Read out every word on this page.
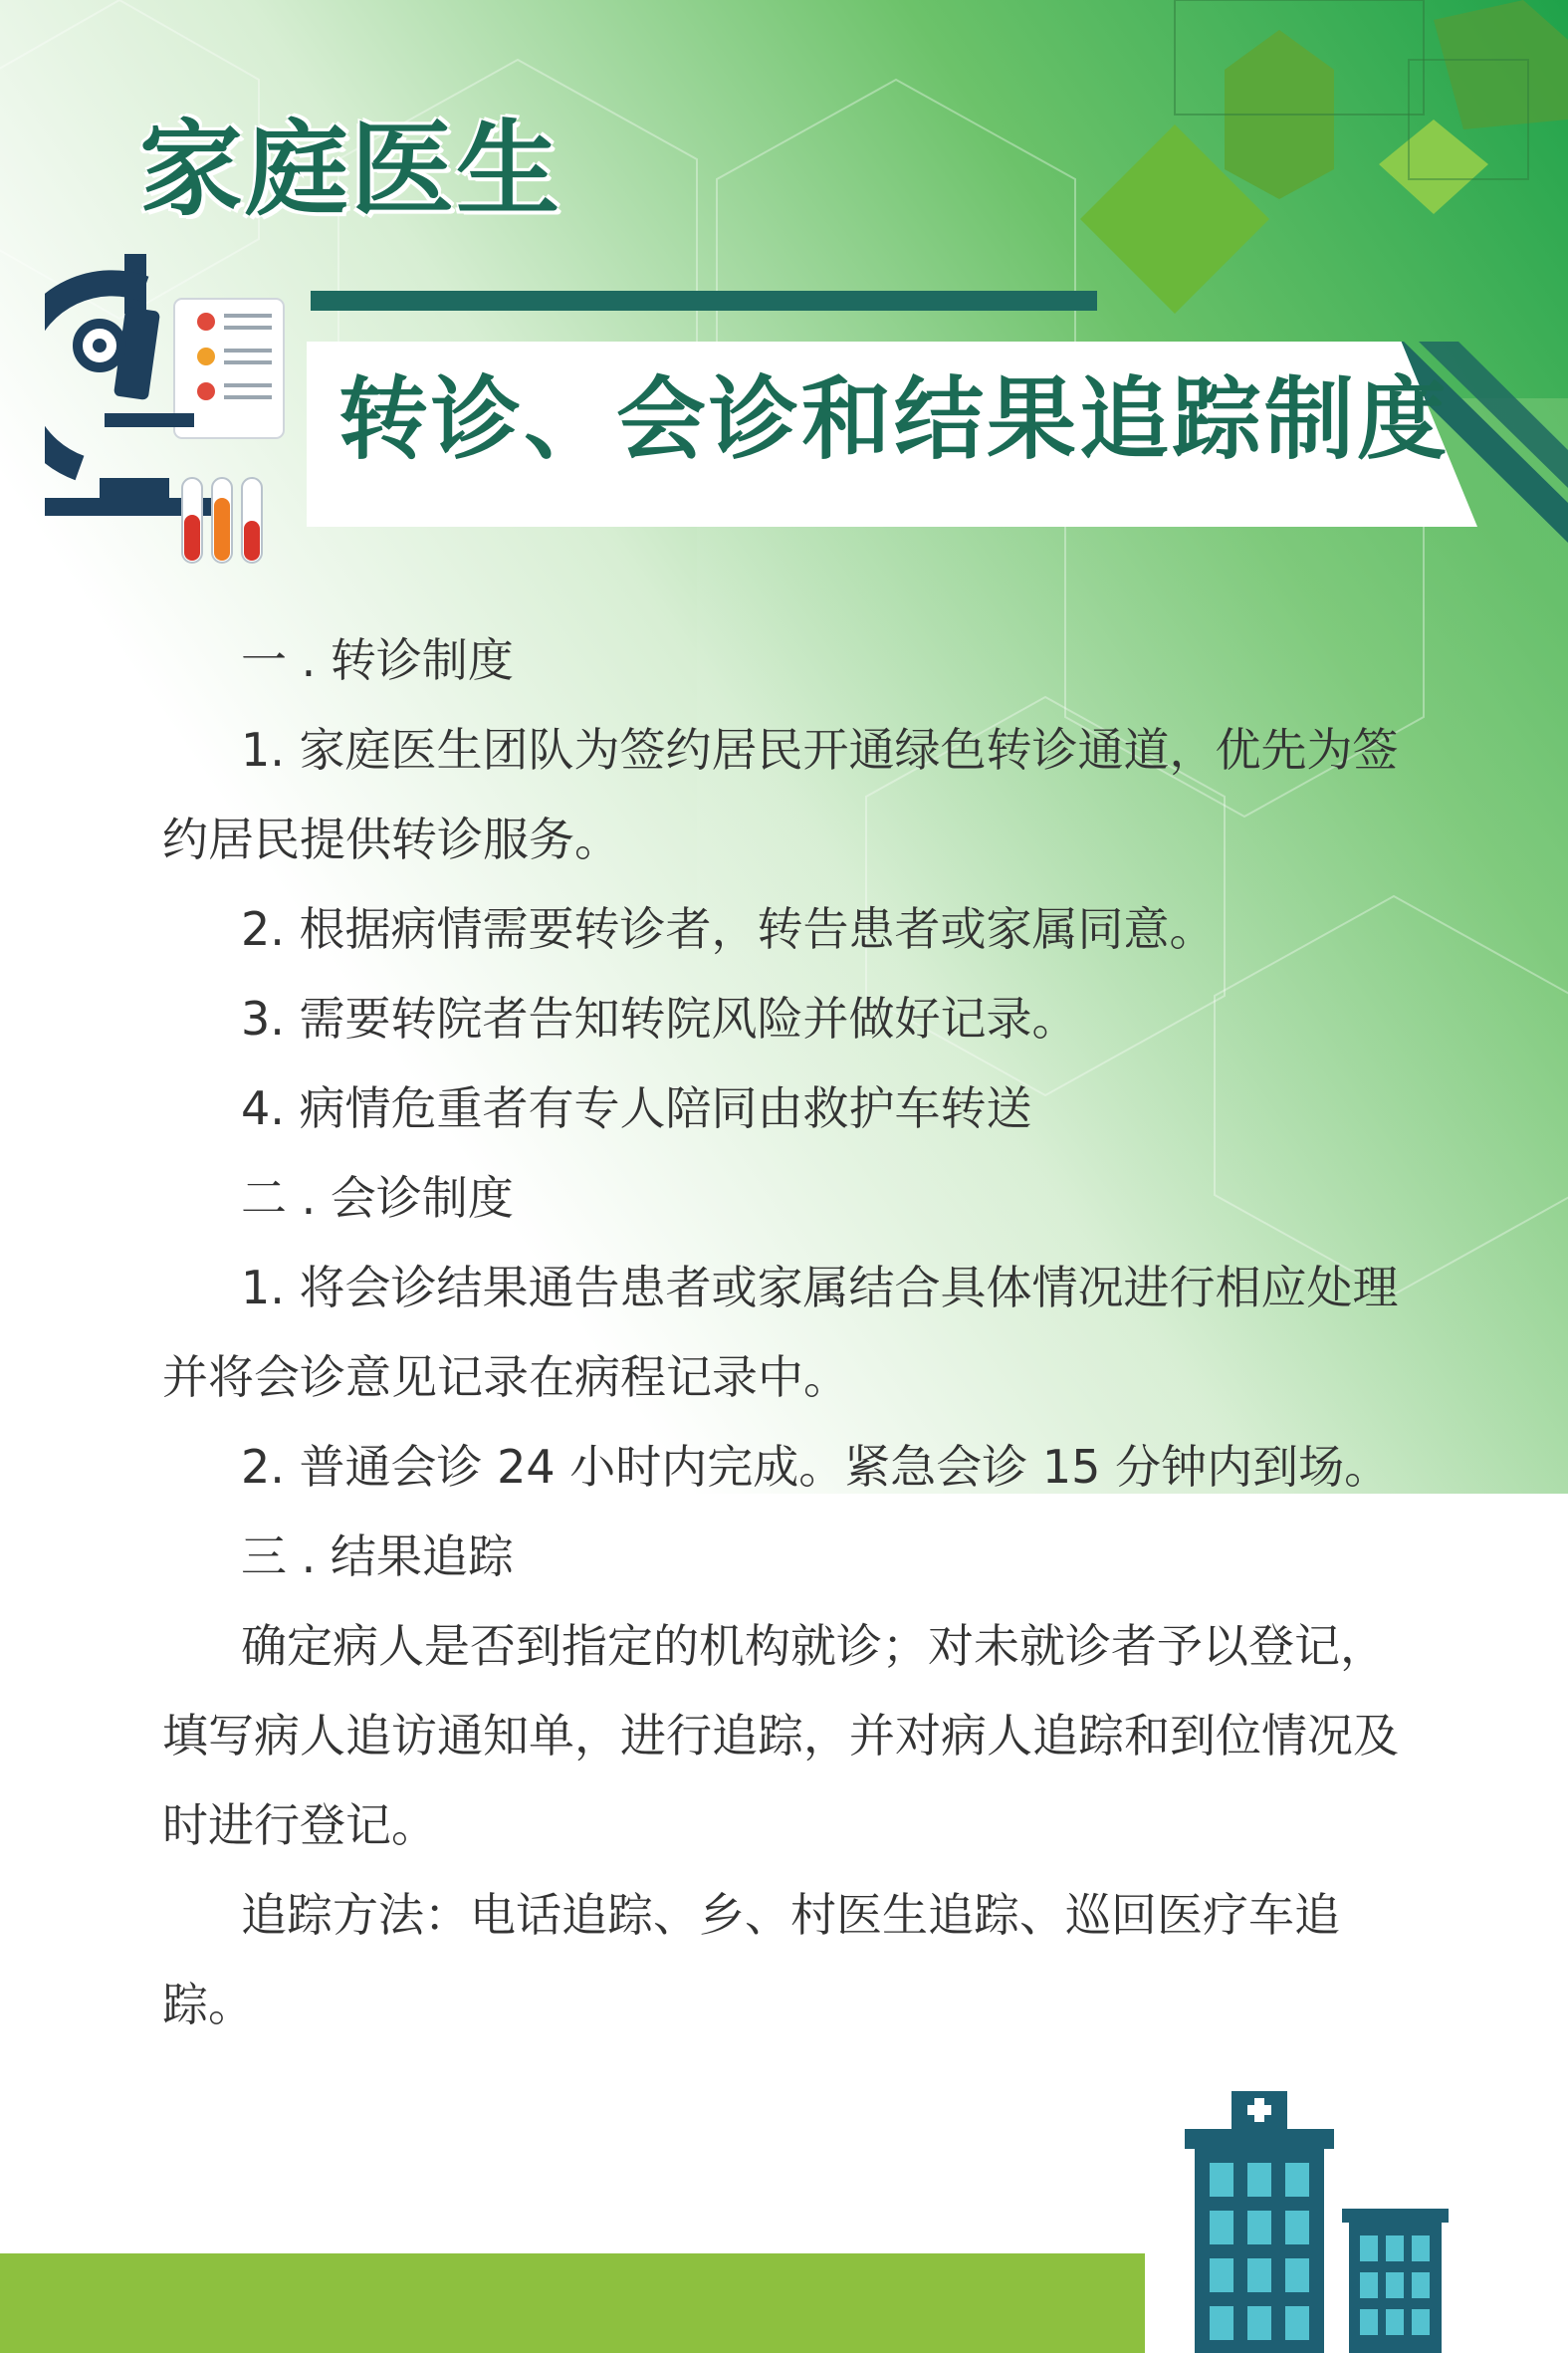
家庭医生
转诊、会诊和结果追踪制度

一 . 转诊制度

1. 家庭医生团队为签约居民开通绿色转诊通道，优先为签约居民提供转诊服务。

2. 根据病情需要转诊者，转告患者或家属同意。

3. 需要转院者告知转院风险并做好记录。

4. 病情危重者有专人陪同由救护车转送

二 . 会诊制度

1. 将会诊结果通告患者或家属结合具体情况进行相应处理并将会诊意见记录在病程记录中。

2. 普通会诊 24 小时内完成。紧急会诊 15 分钟内到场。

三 . 结果追踪

确定病人是否到指定的机构就诊；对未就诊者予以登记，填写病人追访通知单，进行追踪，并对病人追踪和到位情况及时进行登记。

追踪方法：电话追踪、乡、村医生追踪、巡回医疗车追踪。
